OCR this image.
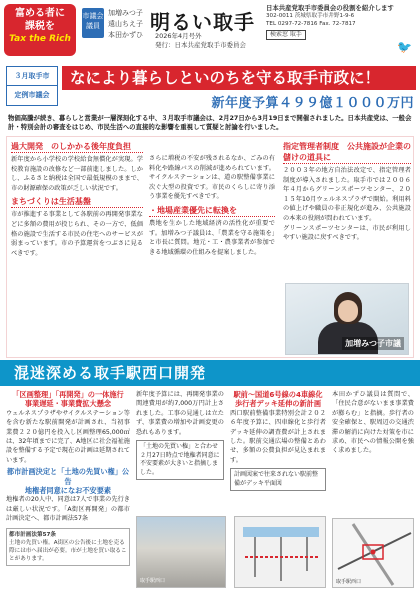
富める者に
課税を
Tax the Rich
市議会議員
加増みつ子
遠山ちえ子
本田かずひ
明るい取手
2026年4月号外
発行：日本共産党取手市委員会
日本共産党取手市委員会の役割を紹介します
302-0011 茨城県取手市井野1-9-6
TEL 0297-72-7816 Fax. 72-7817
検索窓 取手
🐦
３月取手市
定例市議会
なにより暮らしといのちを守る取手市政に！
新年度予算４９９億１０００万円
物価高騰が続き、暮らしと営業が一層深刻化する中、３月取手市議会は、2月27日から3月19日まで開催されました。日本共産党は、一般会計・特別会計の審査をはじめ、市民生活への直接的な影響を重視して質疑と討論を行いました。
過大開発　のしかかる後年度負担
新年度から小学校の学校給食無償化が実現。学校教育施設の改修など一部前進しました。しかし、ふるさと納税は全国で最低規模のままで、市の財源確保の政策が乏しい状況です。
まちづくりは生活基盤
市が推進する事業として各駅前の再開発事業などに多額の費用が投じられ、その一方で、低価格の施設で生活する市民の住宅へのサービスが弱まっています。市の予算運営をつぶさに見るべきです。
さらに増税の不安が残されるなか、ごみの有料化や路線バスの削減が進められています。サイクルステーションは、道の駅整備事業に次ぐ大型の投資です。市民のくらしに寄り添う事業を優先すべきです。
・地場産業優先に転換を
農地を生かした地域経済の活性化が重要です。加増みつ子議員は、「農業を守る施策を」と市長に質問。地元・工・農事業者が参加できる地域循環の仕組みを提案しました。
指定管理者制度　公共施設が企業の儲けの道具に
２００３年の地方自治法改定で、指定管理者制度が導入されました。取手市では２００６年４月からグリーンスポーツセンター、２０１５年10月ウェルネスプラザで開始。利用料の値上げや職員の非正規化が進み、公共施設の本来の役割が問われています。
グリーンスポーツセンターは、市民が利用しやすい施設に戻すべきです。
加増みつ子市議
混迷深める取手駅西口開発
「区画整理」「再開発」の一体施行
事業遅延・事業費拡大懸念
ウェルネスプラザやサイクルステーション等を含む新たな駅前開発が計画され、当初事業費２２０億円を投入し区画整理65,000㎡は、32年頃までに完了、A地区に社会福祉施設を整備する予定で現在の計画は延期されています。
都市計画決定と「土地の先買い権」公告
地権者同意になお不安要素
地権者の20人中、同意は7人で事業の先行きは厳しい状況です。「A街区再開発」の都市計画決定へ、都市計画法57条
都市計画法第57条
土地の先買い権。A街区の公告後に土地を売る際には市へ届出が必要。市が土地を買い取ることがあります。
新年度予算には、再開発事業の関連費用が約7,000万円計上されました。工事の見通しは立たず、事業費の増加や計画変更の恐れもあります。
「土地の先買い権」と合わせ２月27日時点で地権者同意に不安要素が大きいと指摘しました。
駅前〜国道6号線の4車線化
歩行者デッキ延伸の新計画
西口駅前整備事業特別会計２０２６年度予算に、四車線化と歩行者デッキ延伸の調査費が計上されました。駅前交通広場の整備とあわせ、多額の公費負担が見込まれます。
計画図案で往来されない駅前整備がデッキ平面図
本田かずひ議員は質問で、「住民合意がないまま事業費が膨らむ」と指摘。歩行者の安全確保と、駅周辺の交通渋滞の解消に向けた対策を市に求め、市民への情報公開を強く求めました。
取手駅西口	取手駅西口
